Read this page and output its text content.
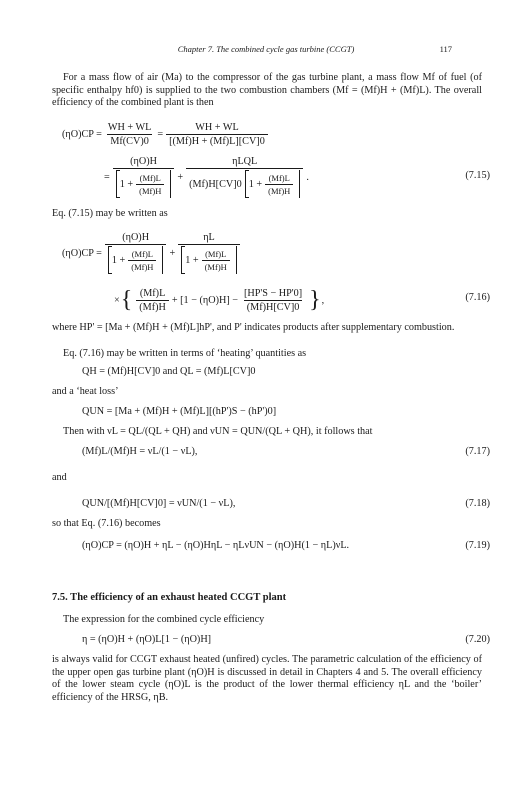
Chapter 7. The combined cycle gas turbine (CCGT)	117
For a mass flow of air (Ma) to the compressor of the gas turbine plant, a mass flow Mf of fuel (of specific enthalpy hf0) is supplied to the two combustion chambers (Mf = (Mf)H + (Mf)L). The overall efficiency of the combined plant is then
$(\eta O)CP = \frac{WH + WL}{Mf(CV)0} = \frac{WH + WL}{[(Mf)H + (Mf)L][CV]0}$
= $\frac{(\eta O)H}{1 + \frac{(Mf)L}{(Mf)H}} + \frac{\text{ηLQL}}{(Mf)H[CV]0 1 + \frac{(Mf)L}{(Mf)H}}$ .	(7.15)
Eq. (7.15) may be written as
$(\eta O)CP = \frac{(\eta O)H}{1 + \frac{(Mf)L}{(Mf)H}} + \frac{\eta L}{1 + \frac{(Mf)L}{(Mf)H}}$
× { $\frac{(Mf)L}{(Mf)H} + [1 - (\eta O)H] - \frac{[HP'S - HP'0]}{(Mf)H[CV]0}$ } ,	(7.16)
where HP' = [Ma + (Mf)H + (Mf)L]hP', and P' indicates products after supplementary combustion.
Eq. (7.16) may be written in terms of ‘heating’ quantities as
QH = (Mf)H[CV]0 and QL = (Mf)L[CV]0
and a ‘heat loss’
QUN = [Ma + (Mf)H + (Mf)L][(hP')S − (hP')0]
Then with νL = QL/(QL + QH) and νUN = QUN/(QL + QH), it follows that
(Mf)L/(Mf)H = νL/(1 − νL),	(7.17)
and
QUN/[(Mf)H[CV]0] = νUN/(1 − νL),	(7.18)
so that Eq. (7.16) becomes
(ηO)CP = (ηO)H + ηL − (ηO)HηL − ηLνUN − (ηO)H(1 − ηL)νL.	(7.19)
7.5. The efficiency of an exhaust heated CCGT plant
The expression for the combined cycle efficiency
η = (ηO)H + (ηO)L[1 − (ηO)H]	(7.20)
is always valid for CCGT exhaust heated (unfired) cycles. The parametric calculation of the efficiency of the upper open gas turbine plant (ηO)H is discussed in detail in Chapters 4 and 5. The overall efficiency of the lower steam cycle (ηO)L is the product of the lower thermal efficiency ηL and the ‘boiler’ efficiency of the HRSG, ηB.
